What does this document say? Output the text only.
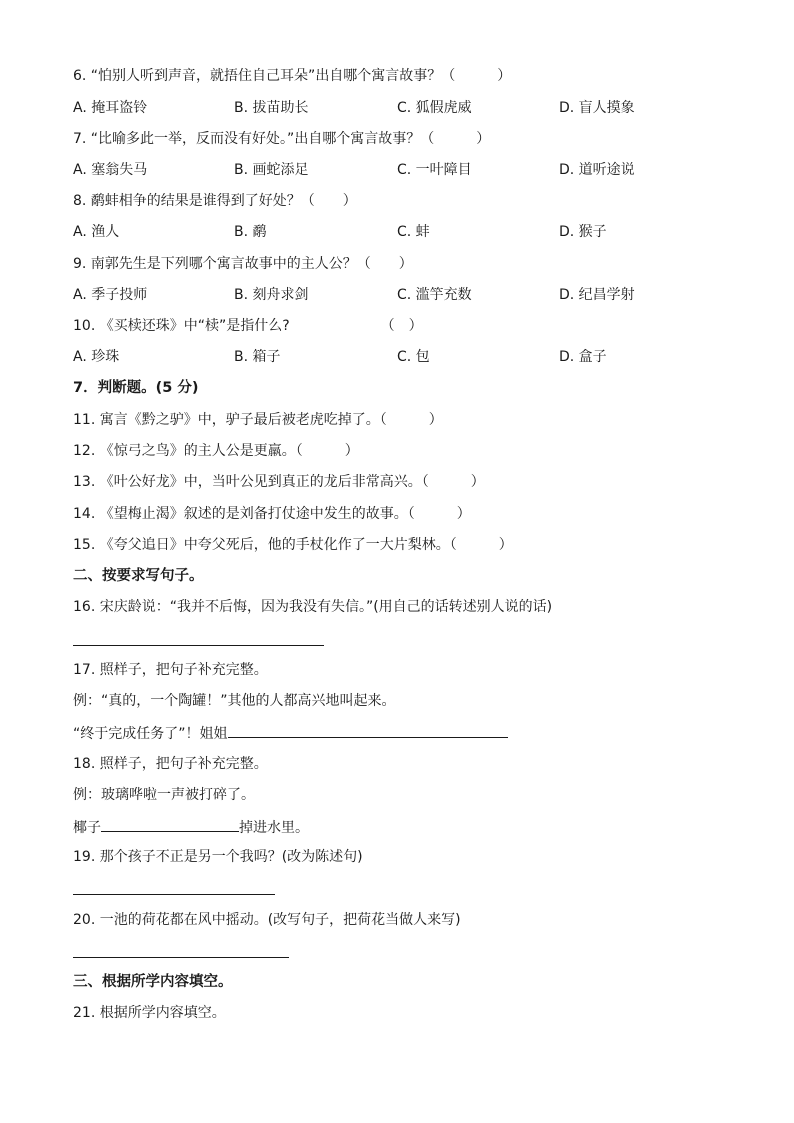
6. “怕别人听到声音，就捂住自己耳朵”出自哪个寓言故事？（　　　）
A. 掩耳盗铃	B. 拔苗助长	C. 狐假虎威	D. 盲人摸象
7. “比喻多此一举，反而没有好处。”出自哪个寓言故事？（　　　）
A. 塞翁失马	B. 画蛇添足	C. 一叶障目	D. 道听途说
8. 鹬蚌相争的结果是谁得到了好处？（　　）
A. 渔人	B. 鹬	C. 蚌	D. 猴子
9. 南郭先生是下列哪个寓言故事中的主人公？（　　）
A. 季子投师	B. 刻舟求剑	C. 滥竽充数	D. 纪昌学射
10. 《买椟还珠》中“椟”是指什么?　　　　　　　（　）
A. 珍珠	B. 箱子	C. 包	D. 盒子
7．判断题。(5 分)
11. 寓言《黔之驴》中，驴子最后被老虎吃掉了。（　　　）
12. 《惊弓之鸟》的主人公是更羸。（　　　）
13. 《叶公好龙》中，当叶公见到真正的龙后非常高兴。（　　　）
14. 《望梅止渴》叙述的是刘备打仗途中发生的故事。（　　　）
15. 《夸父追日》中夸父死后，他的手杖化作了一大片梨林。（　　　）
二、按要求写句子。
16. 宋庆龄说：“我并不后悔，因为我没有失信。”(用自己的话转述别人说的话)
17. 照样子，把句子补充完整。
例：“真的，一个陶罐！”其他的人都高兴地叫起来。
“终于完成任务了”！姐姐
18. 照样子，把句子补充完整。
例：玻璃哗啦一声被打碎了。
椰子	掉进水里。
19. 那个孩子不正是另一个我吗？(改为陈述句)
20. 一池的荷花都在风中摇动。(改写句子，把荷花当做人来写)
三、根据所学内容填空。
21. 根据所学内容填空。
